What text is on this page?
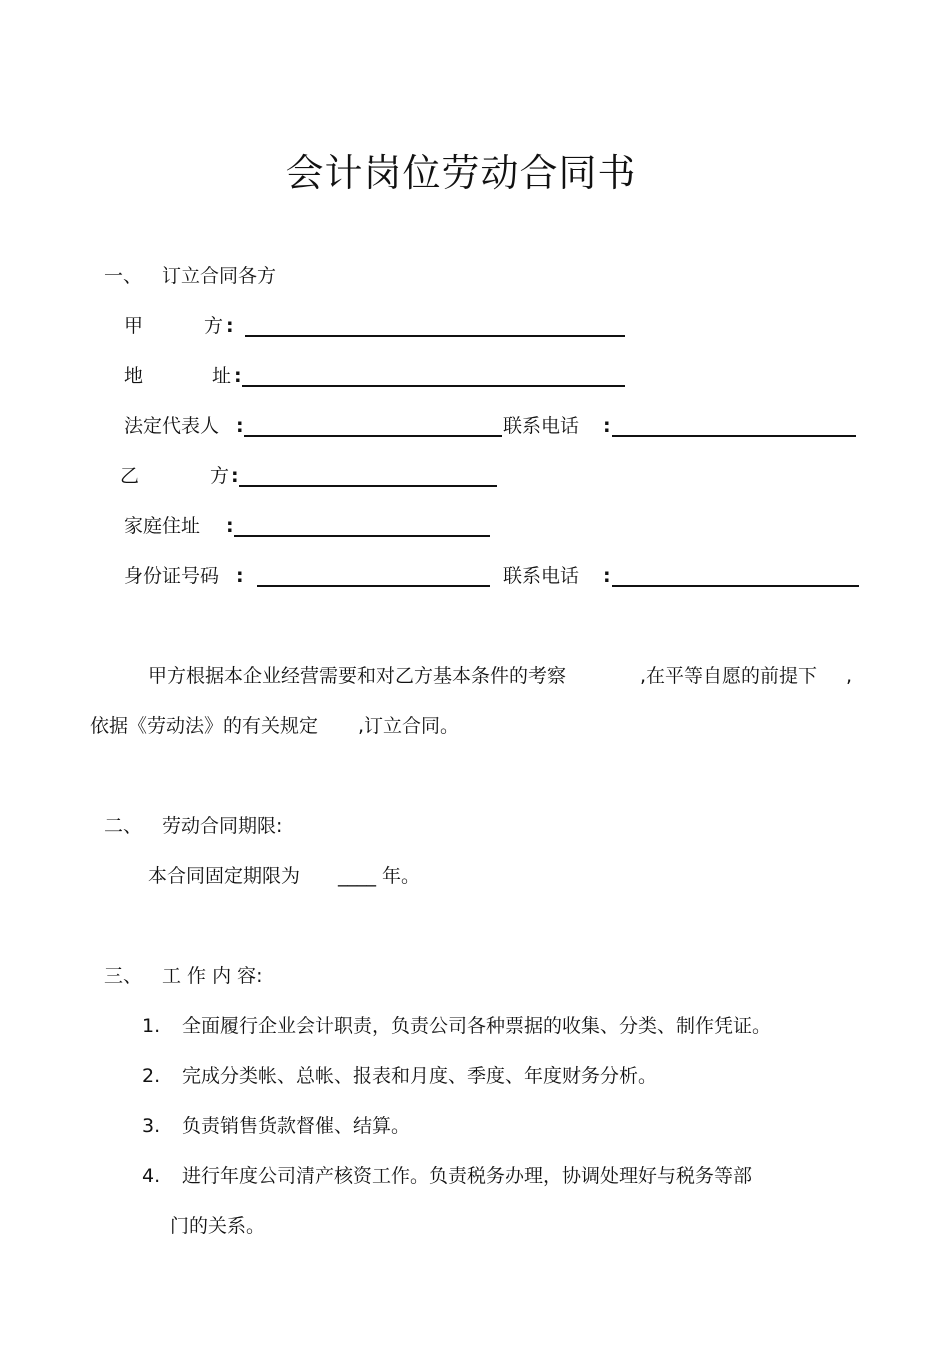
会计岗位劳动合同书
一、 订立合同各方
甲	方 :
地	址 :
法定代表人 :	联系电话 :
乙	方 :
家庭住址 :
身份证号码 :	联系电话 :
甲方根据本企业经营需要和对乙方基本条件的考察	,在平等自愿的前提下 ,
依据《劳动法》的有关规定 ,订立合同。
二、 劳动合同期限:
本合同固定期限为 ____ 年。
三、 工 作 内 容:
1. 全面履行企业会计职责，负责公司各种票据的收集、分类、制作凭证。
2. 完成分类帐、总帐、报表和月度、季度、年度财务分析。
3. 负责销售货款督催、结算。
4. 进行年度公司清产核资工作。负责税务办理，协调处理好与税务等部
门的关系。
